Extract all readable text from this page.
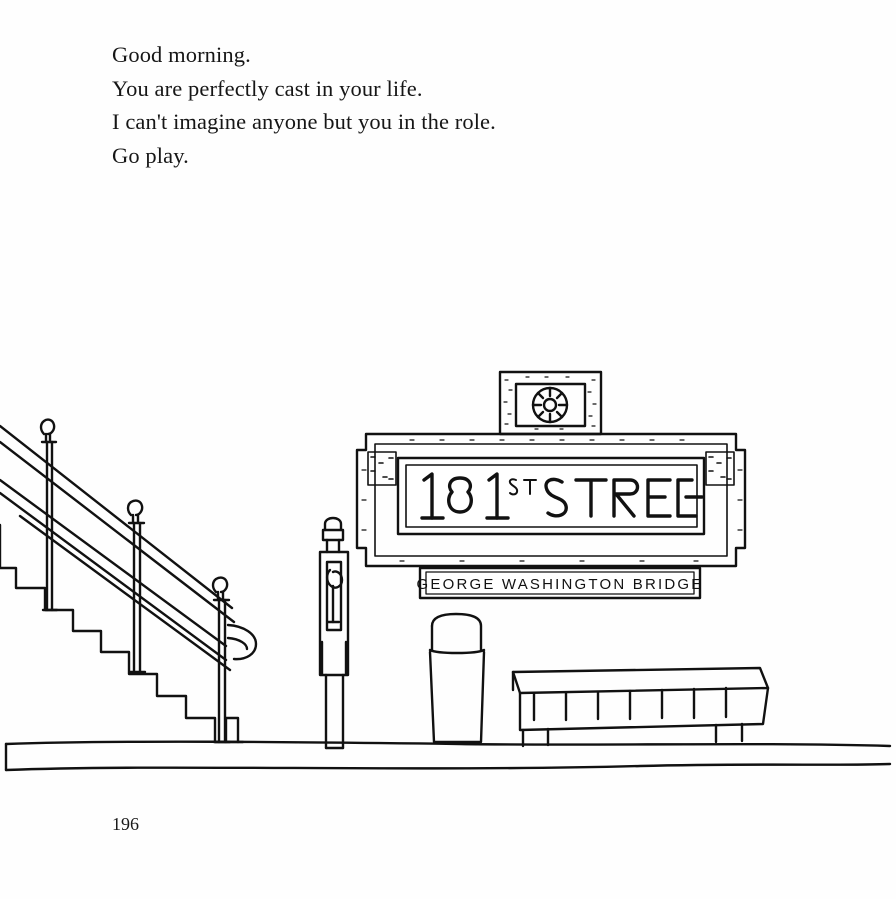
Good morning.
You are perfectly cast in your life.
I can't imagine anyone but you in the role.
Go play.
GEORGE WASHINGTON BRIDGE
196
